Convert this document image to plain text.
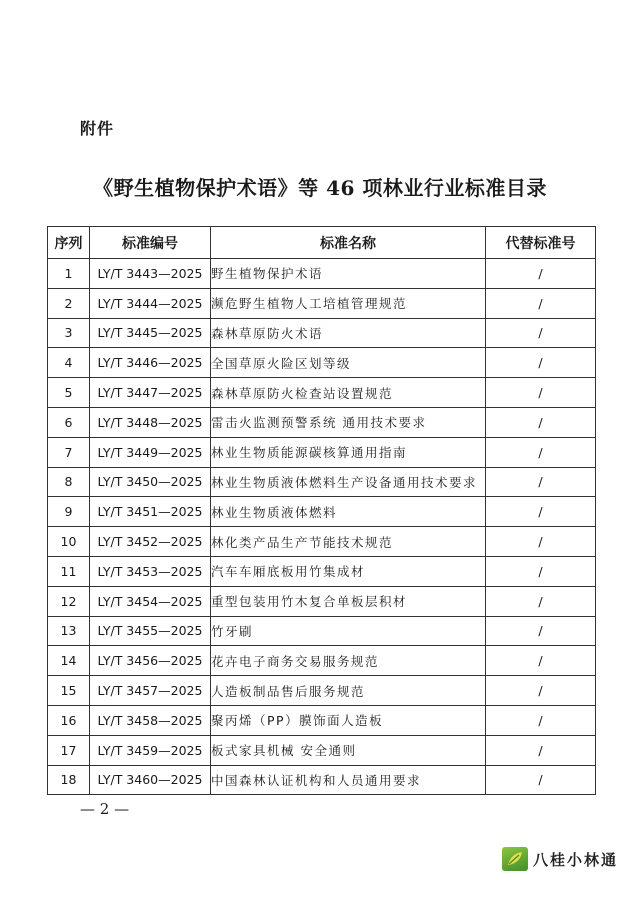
附件
《野生植物保护术语》等 46 项林业行业标准目录
序列	标准编号	标准名称	代替标准号
1	LY/T 3443—2025	野生植物保护术语	/
2	LY/T 3444—2025	濒危野生植物人工培植管理规范	/
3	LY/T 3445—2025	森林草原防火术语	/
4	LY/T 3446—2025	全国草原火险区划等级	/
5	LY/T 3447—2025	森林草原防火检查站设置规范	/
6	LY/T 3448—2025	雷击火监测预警系统 通用技术要求	/
7	LY/T 3449—2025	林业生物质能源碳核算通用指南	/
8	LY/T 3450—2025	林业生物质液体燃料生产设备通用技术要求	/
9	LY/T 3451—2025	林业生物质液体燃料	/
10	LY/T 3452—2025	林化类产品生产节能技术规范	/
11	LY/T 3453—2025	汽车车厢底板用竹集成材	/
12	LY/T 3454—2025	重型包装用竹木复合单板层积材	/
13	LY/T 3455—2025	竹牙刷	/
14	LY/T 3456—2025	花卉电子商务交易服务规范	/
15	LY/T 3457—2025	人造板制品售后服务规范	/
16	LY/T 3458—2025	聚丙烯（PP）膜饰面人造板	/
17	LY/T 3459—2025	板式家具机械 安全通则	/
18	LY/T 3460—2025	中国森林认证机构和人员通用要求	/
— 2 —
八桂小林通
